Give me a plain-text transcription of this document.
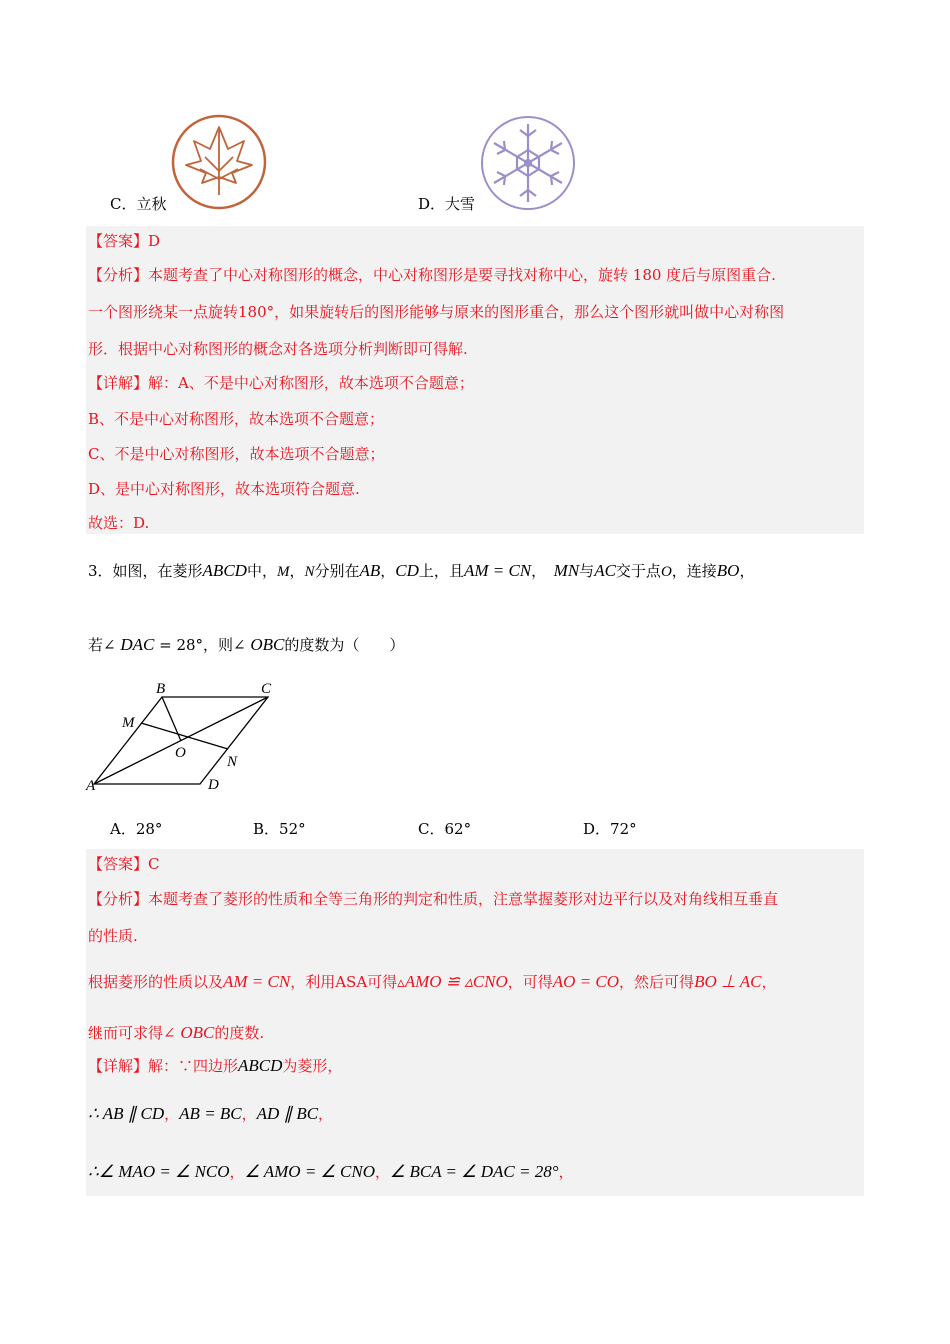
C．立秋	D．大雪
【答案】D
【分析】本题考查了中心对称图形的概念，中心对称图形是要寻找对称中心，旋转 180 度后与原图重合.
一个图形绕某一点旋转180°，如果旋转后的图形能够与原来的图形重合，那么这个图形就叫做中心对称图
形．根据中心对称图形的概念对各选项分析判断即可得解.
【详解】解：A、不是中心对称图形，故本选项不合题意；
B、不是中心对称图形，故本选项不合题意；
C、不是中心对称图形，故本选项不合题意；
D、是中心对称图形，故本选项符合题意.
故选：D.
3．如图，在菱形ABCD中，M，N分别在AB，CD上，且AM = CN，　 MN与AC交于点O，连接BO，
若∠ DAC = 28°，则∠ OBC的度数为（　　）
A
B	C
D
M
N
O
A．28°	B．52°	C．62°	D．72°
【答案】C
【分析】本题考查了菱形的性质和全等三角形的判定和性质，注意掌握菱形对边平行以及对角线相互垂直
的性质.
根据菱形的性质以及AM = CN，利用ASA可得▵AMO ≌ ▵CNO，可得AO = CO，然后可得BO ⊥ AC，
继而可求得∠ OBC的度数.
【详解】解：∵四边形ABCD为菱形，
∴ AB ∥ CD，AB = BC，AD ∥ BC，
∴∠ MAO = ∠ NCO，∠ AMO = ∠ CNO，∠ BCA = ∠ DAC = 28°，
